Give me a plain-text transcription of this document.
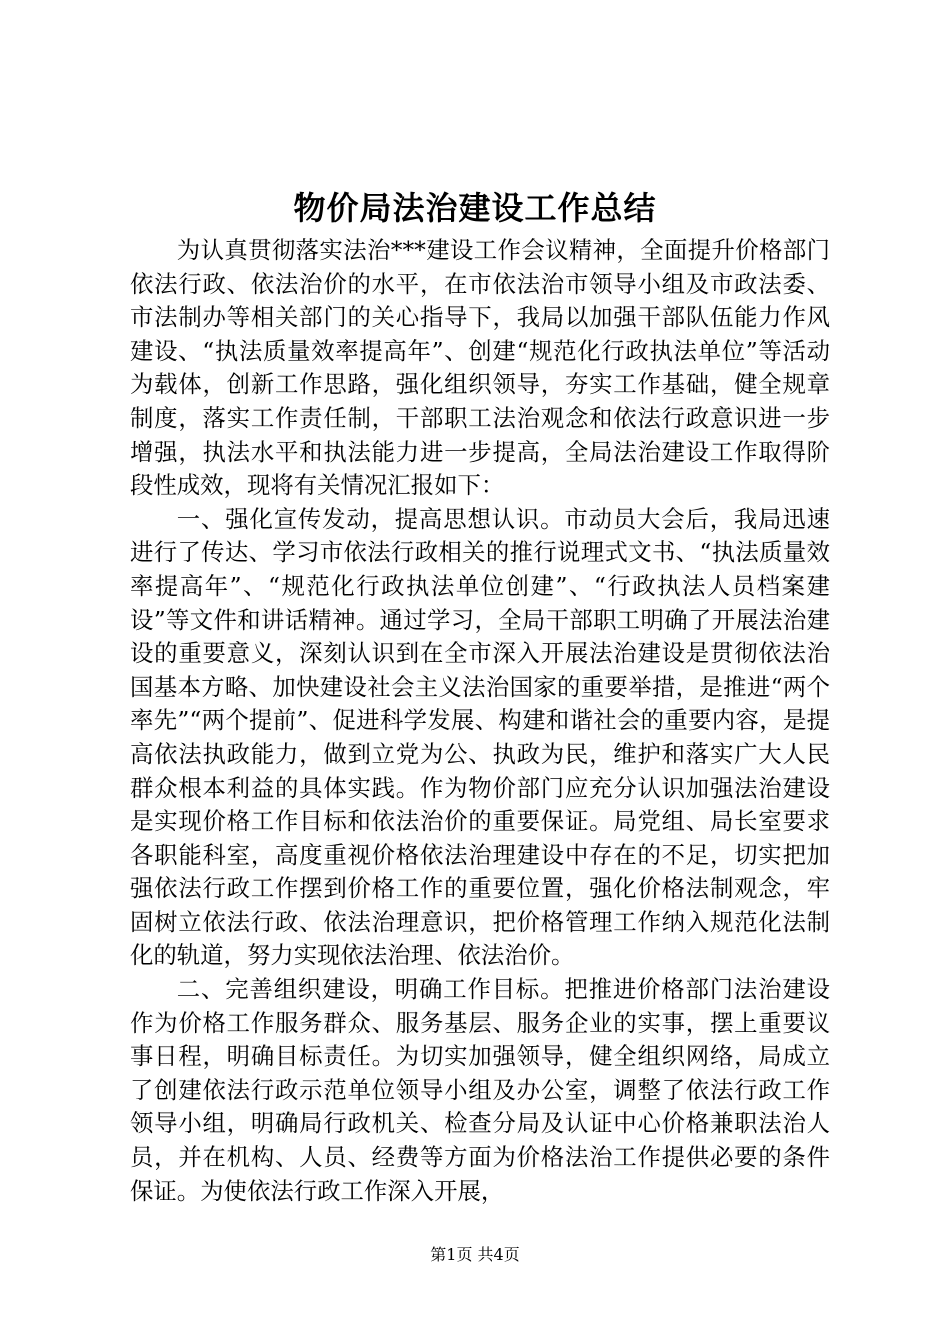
物价局法治建设工作总结

为认真贯彻落实法治***建设工作会议精神，全面提升价格部门依法行政、依法治价的水平，在市依法治市领导小组及市政法委、市法制办等相关部门的关心指导下，我局以加强干部队伍能力作风建设、“执法质量效率提高年”、创建“规范化行政执法单位”等活动为载体，创新工作思路，强化组织领导，夯实工作基础，健全规章制度，落实工作责任制，干部职工法治观念和依法行政意识进一步增强，执法水平和执法能力进一步提高，全局法治建设工作取得阶段性成效，现将有关情况汇报如下：

一、强化宣传发动，提高思想认识。市动员大会后，我局迅速进行了传达、学习市依法行政相关的推行说理式文书、“执法质量效率提高年”、“规范化行政执法单位创建”、“行政执法人员档案建设”等文件和讲话精神。通过学习，全局干部职工明确了开展法治建设的重要意义，深刻认识到在全市深入开展法治建设是贯彻依法治国基本方略、加快建设社会主义法治国家的重要举措，是推进“两个率先”“两个提前”、促进科学发展、构建和谐社会的重要内容，是提高依法执政能力，做到立党为公、执政为民，维护和落实广大人民群众根本利益的具体实践。作为物价部门应充分认识加强法治建设是实现价格工作目标和依法治价的重要保证。局党组、局长室要求各职能科室，高度重视价格依法治理建设中存在的不足，切实把加强依法行政工作摆到价格工作的重要位置，强化价格法制观念，牢固树立依法行政、依法治理意识，把价格管理工作纳入规范化法制化的轨道，努力实现依法治理、依法治价。

二、完善组织建设，明确工作目标。把推进价格部门法治建设作为价格工作服务群众、服务基层、服务企业的实事，摆上重要议事日程，明确目标责任。为切实加强领导，健全组织网络，局成立了创建依法行政示范单位领导小组及办公室，调整了依法行政工作领导小组，明确局行政机关、检查分局及认证中心价格兼职法治人员，并在机构、人员、经费等方面为价格法治工作提供必要的条件保证。为使依法行政工作深入开展，

第1页 共4页
